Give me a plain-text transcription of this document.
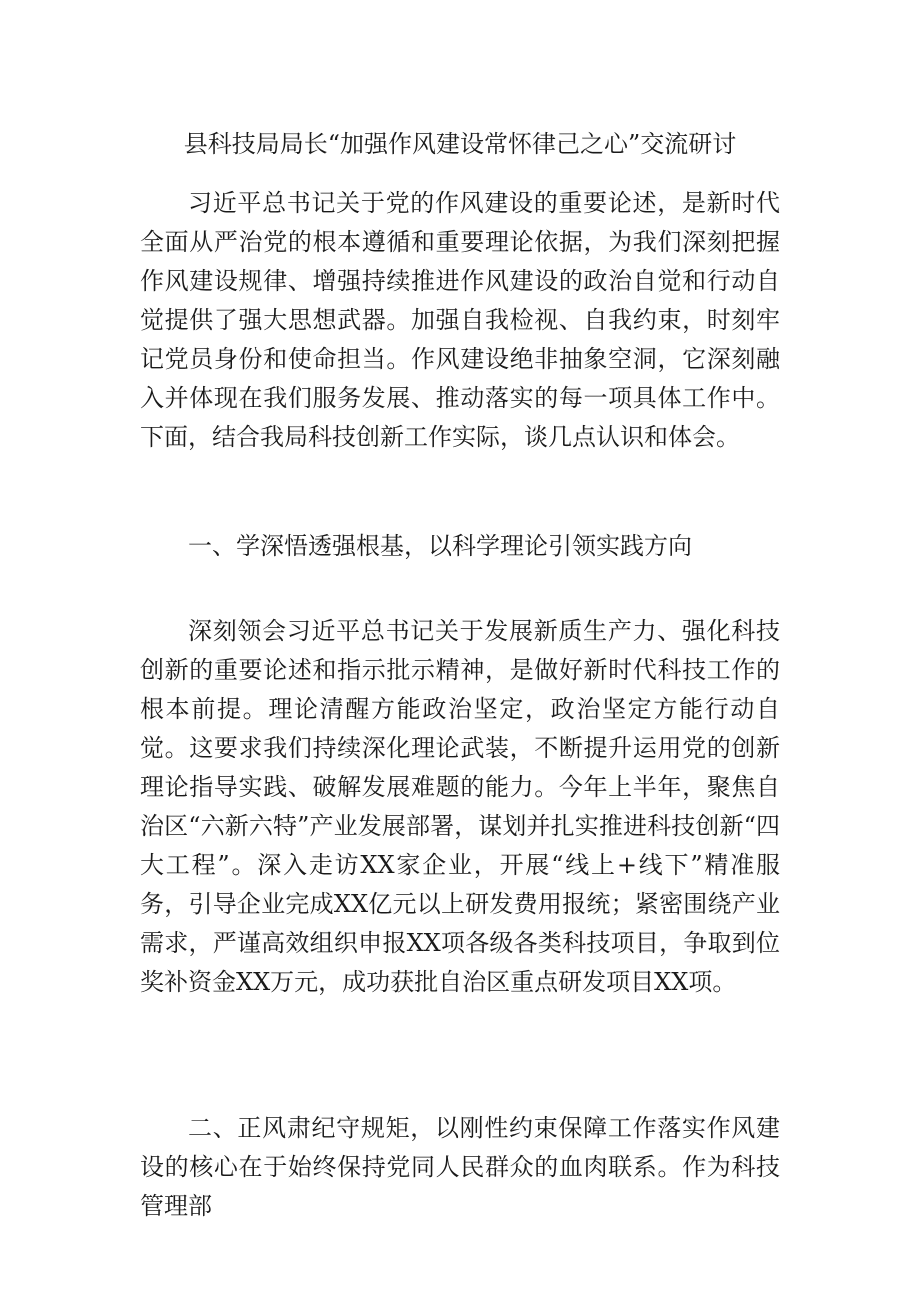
县科技局局长“加强作风建设常怀律己之心”交流研讨

习近平总书记关于党的作风建设的重要论述，是新时代全面从严治党的根本遵循和重要理论依据，为我们深刻把握作风建设规律、增强持续推进作风建设的政治自觉和行动自觉提供了强大思想武器。加强自我检视、自我约束，时刻牢记党员身份和使命担当。作风建设绝非抽象空洞，它深刻融入并体现在我们服务发展、推动落实的每一项具体工作中。下面，结合我局科技创新工作实际，谈几点认识和体会。

一、学深悟透强根基，以科学理论引领实践方向

深刻领会习近平总书记关于发展新质生产力、强化科技创新的重要论述和指示批示精神，是做好新时代科技工作的根本前提。理论清醒方能政治坚定，政治坚定方能行动自觉。这要求我们持续深化理论武装，不断提升运用党的创新理论指导实践、破解发展难题的能力。今年上半年，聚焦自治区“六新六特”产业发展部署，谋划并扎实推进科技创新“四大工程”。深入走访XX家企业，开展“线上+线下”精准服务，引导企业完成XX亿元以上研发费用报统；紧密围绕产业需求，严谨高效组织申报XX项各级各类科技项目，争取到位奖补资金XX万元，成功获批自治区重点研发项目XX项。

二、正风肃纪守规矩，以刚性约束保障工作落实作风建设的核心在于始终保持党同人民群众的血肉联系。作为科技管理部
